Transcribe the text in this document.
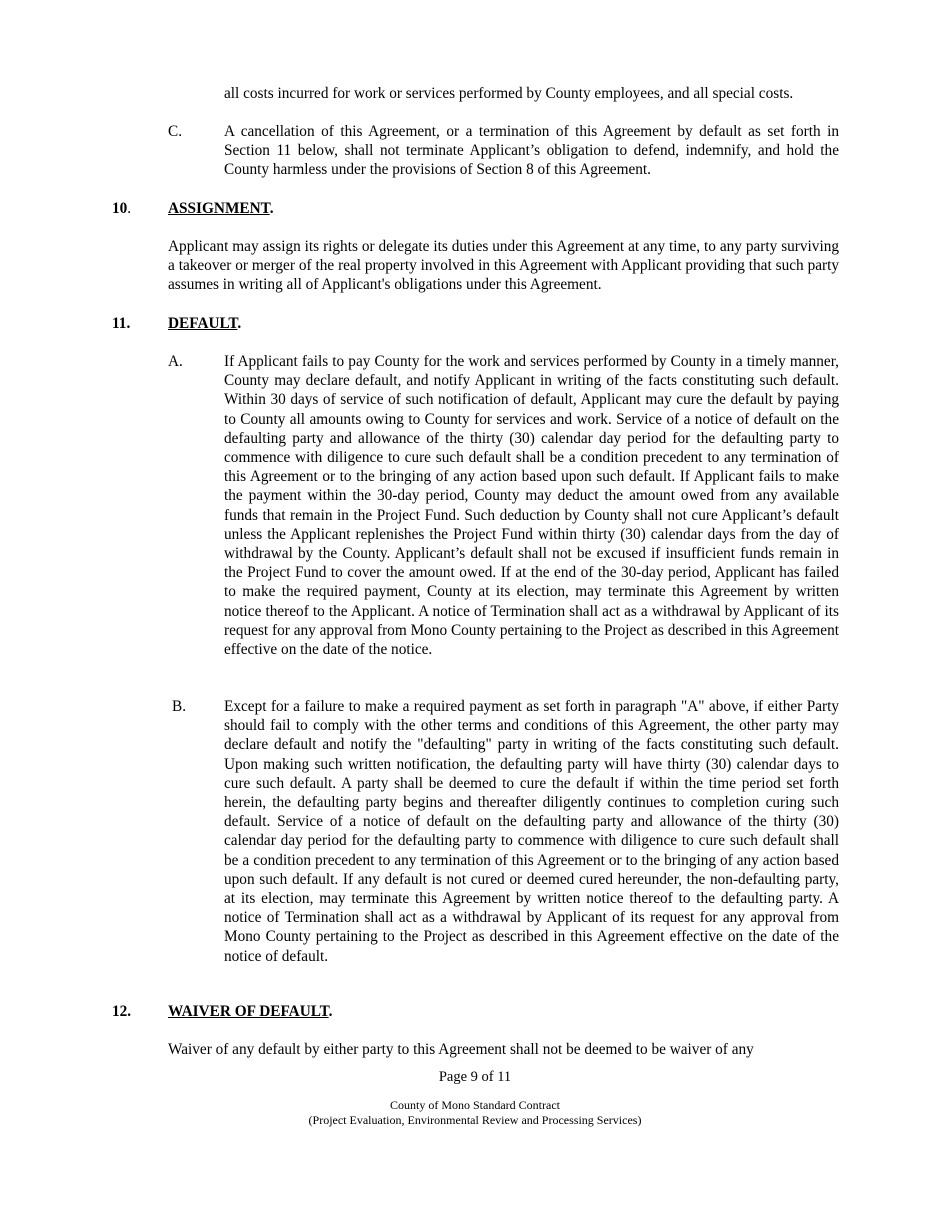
all costs incurred for work or services performed by County employees, and all special costs.

C.	A cancellation of this Agreement, or a termination of this Agreement by default as set forth in Section 11 below, shall not terminate Applicant’s obligation to defend, indemnify, and hold the County harmless under the provisions of Section 8 of this Agreement.

10. ASSIGNMENT.

Applicant may assign its rights or delegate its duties under this Agreement at any time, to any party surviving a takeover or merger of the real property involved in this Agreement with Applicant providing that such party assumes in writing all of Applicant's obligations under this Agreement.

11. DEFAULT.
A.	If Applicant fails to pay County for the work and services performed by County in a timely manner, County may declare default, and notify Applicant in writing of the facts constituting such default. Within 30 days of service of such notification of default, Applicant may cure the default by paying to County all amounts owing to County for services and work. Service of a notice of default on the defaulting party and allowance of the thirty (30) calendar day period for the defaulting party to commence with diligence to cure such default shall be a condition precedent to any termination of this Agreement or to the bringing of any action based upon such default. If Applicant fails to make the payment within the 30-day period, County may deduct the amount owed from any available funds that remain in the Project Fund. Such deduction by County shall not cure Applicant’s default unless the Applicant replenishes the Project Fund within thirty (30) calendar days from the day of withdrawal by the County. Applicant’s default shall not be excused if insufficient funds remain in the Project Fund to cover the amount owed. If at the end of the 30-day period, Applicant has failed to make the required payment, County at its election, may terminate this Agreement by written notice thereof to the Applicant. A notice of Termination shall act as a withdrawal by Applicant of its request for any approval from Mono County pertaining to the Project as described in this Agreement effective on the date of the notice.

B. Except for a failure to make a required payment as set forth in paragraph "A" above, if either Party should fail to comply with the other terms and conditions of this Agreement, the other party may declare default and notify the "defaulting" party in writing of the facts constituting such default. Upon making such written notification, the defaulting party will have thirty (30) calendar days to cure such default. A party shall be deemed to cure the default if within the time period set forth herein, the defaulting party begins and thereafter diligently continues to completion curing such default. Service of a notice of default on the defaulting party and allowance of the thirty (30) calendar day period for the defaulting party to commence with diligence to cure such default shall be a condition precedent to any termination of this Agreement or to the bringing of any action based upon such default. If any default is not cured or deemed cured hereunder, the non-defaulting party, at its election, may terminate this Agreement by written notice thereof to the defaulting party. A notice of Termination shall act as a withdrawal by Applicant of its request for any approval from Mono County pertaining to the Project as described in this Agreement effective on the date of the notice of default.

12. WAIVER OF DEFAULT.

Waiver of any default by either party to this Agreement shall not be deemed to be waiver of any

Page 9 of 11
County of Mono Standard Contract
(Project Evaluation, Environmental Review and Processing Services)
